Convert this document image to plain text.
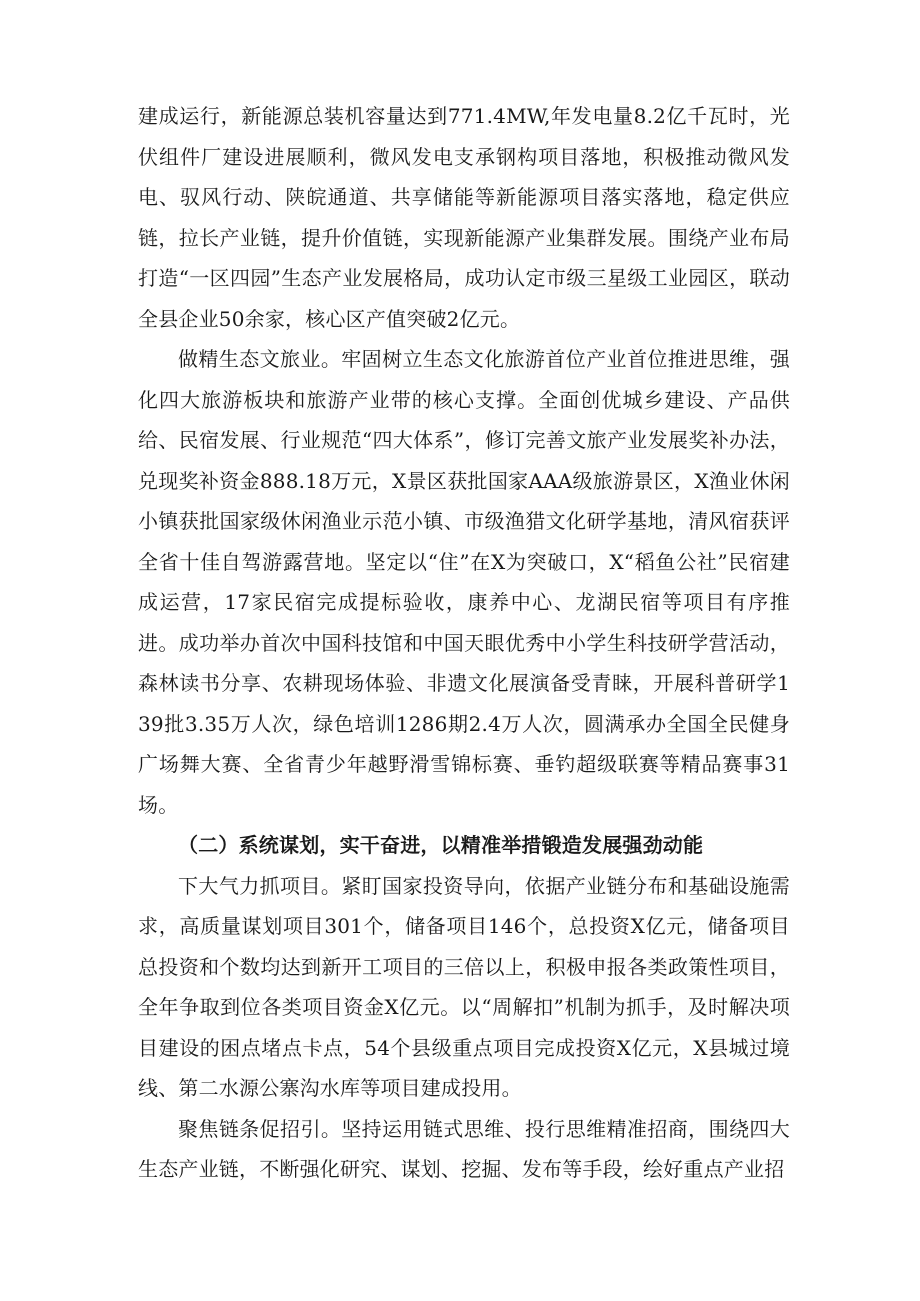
建成运行，新能源总装机容量达到771.4MW,年发电量8.2亿千瓦时，光伏组件厂建设进展顺利，微风发电支承钢构项目落地，积极推动微风发电、驭风行动、陕皖通道、共享储能等新能源项目落实落地，稳定供应链，拉长产业链，提升价值链，实现新能源产业集群发展。围绕产业布局打造“一区四园”生态产业发展格局，成功认定市级三星级工业园区，联动全县企业50余家，核心区产值突破2亿元。

做精生态文旅业。牢固树立生态文化旅游首位产业首位推进思维，强化四大旅游板块和旅游产业带的核心支撑。全面创优城乡建设、产品供给、民宿发展、行业规范“四大体系”，修订完善文旅产业发展奖补办法，兑现奖补资金888.18万元，X景区获批国家AAA级旅游景区，X渔业休闲小镇获批国家级休闲渔业示范小镇、市级渔猎文化研学基地，清风宿获评全省十佳自驾游露营地。坚定以“住”在X为突破口，X“稻鱼公社”民宿建成运营，17家民宿完成提标验收，康养中心、龙湖民宿等项目有序推进。成功举办首次中国科技馆和中国天眼优秀中小学生科技研学营活动，森林读书分享、农耕现场体验、非遗文化展演备受青睐，开展科普研学139批3.35万人次，绿色培训1286期2.4万人次，圆满承办全国全民健身广场舞大赛、全省青少年越野滑雪锦标赛、垂钓超级联赛等精品赛事31场。

（二）系统谋划，实干奋进，以精准举措锻造发展强劲动能

下大气力抓项目。紧盯国家投资导向，依据产业链分布和基础设施需求，高质量谋划项目301个，储备项目146个，总投资X亿元，储备项目总投资和个数均达到新开工项目的三倍以上，积极申报各类政策性项目，全年争取到位各类项目资金X亿元。以“周解扣”机制为抓手，及时解决项目建设的困点堵点卡点，54个县级重点项目完成投资X亿元，X县城过境线、第二水源公寨沟水库等项目建成投用。

聚焦链条促招引。坚持运用链式思维、投行思维精准招商，围绕四大生态产业链，不断强化研究、谋划、挖掘、发布等手段，绘好重点产业招
